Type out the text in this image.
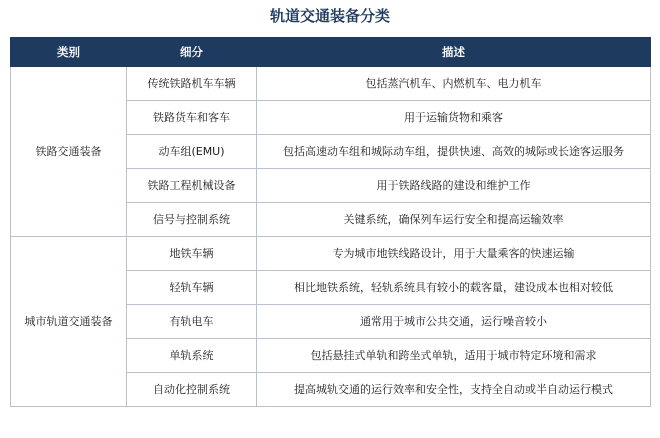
轨道交通装备分类
类别	细分	描述
铁路交通装备	传统铁路机车车辆	包括蒸汽机车、内燃机车、电力机车
	铁路货车和客车	用于运输货物和乘客
	动车组(EMU)	包括高速动车组和城际动车组，提供快速、高效的城际或长途客运服务
	铁路工程机械设备	用于铁路线路的建设和维护工作
	信号与控制系统	关键系统，确保列车运行安全和提高运输效率
城市轨道交通装备	地铁车辆	专为城市地铁线路设计，用于大量乘客的快速运输
	轻轨车辆	相比地铁系统，轻轨系统具有较小的载客量，建设成本也相对较低
	有轨电车	通常用于城市公共交通，运行噪音较小
	单轨系统	包括悬挂式单轨和跨坐式单轨，适用于城市特定环境和需求
	自动化控制系统	提高城轨交通的运行效率和安全性，支持全自动或半自动运行模式
